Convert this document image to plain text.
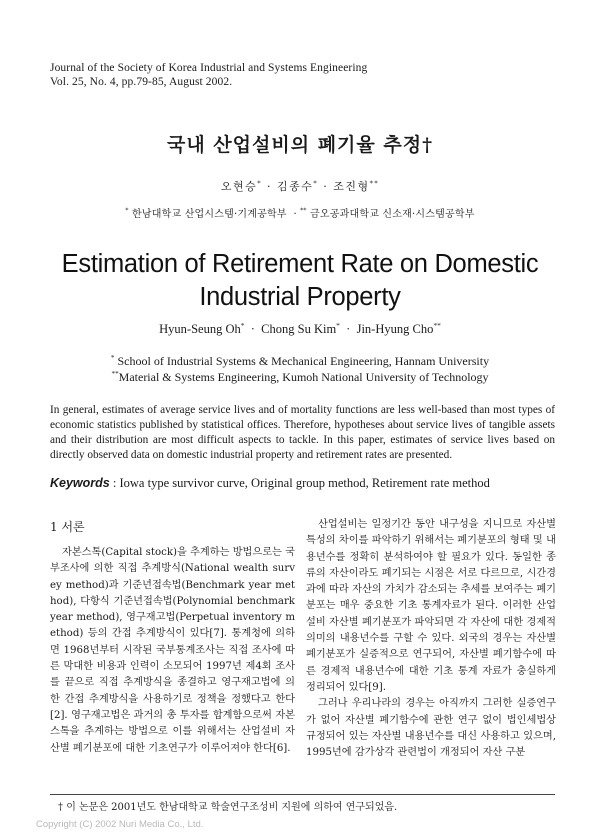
Journal of the Society of Korea Industrial and Systems Engineering
Vol. 25, No. 4, pp.79-85, August 2002.
국내 산업설비의 폐기율 추정†
오현승* · 김종수* · 조진형**
* 한남대학교 산업시스템·기계공학부  · ** 금오공과대학교 신소재·시스템공학부
Estimation of Retirement Rate on Domestic Industrial Property
Hyun-Seung Oh*  ·  Chong Su Kim*  ·  Jin-Hyung Cho**
* School of Industrial Systems & Mechanical Engineering, Hannam University
**Material & Systems Engineering, Kumoh National University of Technology
In general, estimates of average service lives and of mortality functions are less well-based than most types of economic statistics published by statistical offices. Therefore, hypotheses about service lives of tangible assets and their distribution are most difficult aspects to tackle. In this paper, estimates of service lives based on directly observed data on domestic industrial property and retirement rates are presented.
Keywords : Iowa type survivor curve, Original group method, Retirement rate method
1 서론
자본스톡(Capital stock)을 추계하는 방법으로는 국부조사에 의한 직접 추계방식(National wealth survey method)과 기준년접속법(Benchmark year method), 다항식 기준년접속법(Polynomial benchmark year method), 영구재고법(Perpetual inventory method) 등의 간접 추계방식이 있다[7]. 통계청에 의하면 1968년부터 시작된 국부통계조사는 직접 조사에 따른 막대한 비용과 인력이 소모되어 1997년 제4회 조사를 끝으로 직접 추계방식을 종결하고 영구재고법에 의한 간접 추계방식을 사용하기로 정책을 정했다고 한다[2]. 영구재고법은 과거의 총 투자를 합계함으로써 자본스톡을 추계하는 방법으로 이를 위해서는 산업설비 자산별 폐기분포에 대한 기초연구가 이루어져야 한다[6].

산업설비는 일정기간 동안 내구성을 지니므로 자산별 특성의 차이를 파악하기 위해서는 폐기분포의 형태 및 내용년수를 정확히 분석하여야 할 필요가 있다. 동일한 종류의 자산이라도 폐기되는 시점은 서로 다르므로, 시간경과에 따라 자산의 가치가 감소되는 추세를 보여주는 폐기분포는 매우 중요한 기초 통계자료가 된다. 이러한 산업설비 자산별 폐기분포가 파악되면 각 자산에 대한 경제적 의미의 내용년수를 구할 수 있다. 외국의 경우는 자산별 폐기분포가 실증적으로 연구되어, 자산별 폐기함수에 따른 경제적 내용년수에 대한 기초 통계 자료가 충실하게 정리되어 있다[9].

그러나 우리나라의 경우는 아직까지 그러한 실증연구가 없어 자산별 폐기함수에 관한 연구 없이 법인세법상 규정되어 있는 자산별 내용년수를 대신 사용하고 있으며, 1995년에 감가상각 관련법이 개정되어 자산 구분

† 이 논문은 2001년도 한남대학교 학술연구조성비 지원에 의하여 연구되었음.
Copyright (C) 2002 Nuri Media Co., Ltd.
